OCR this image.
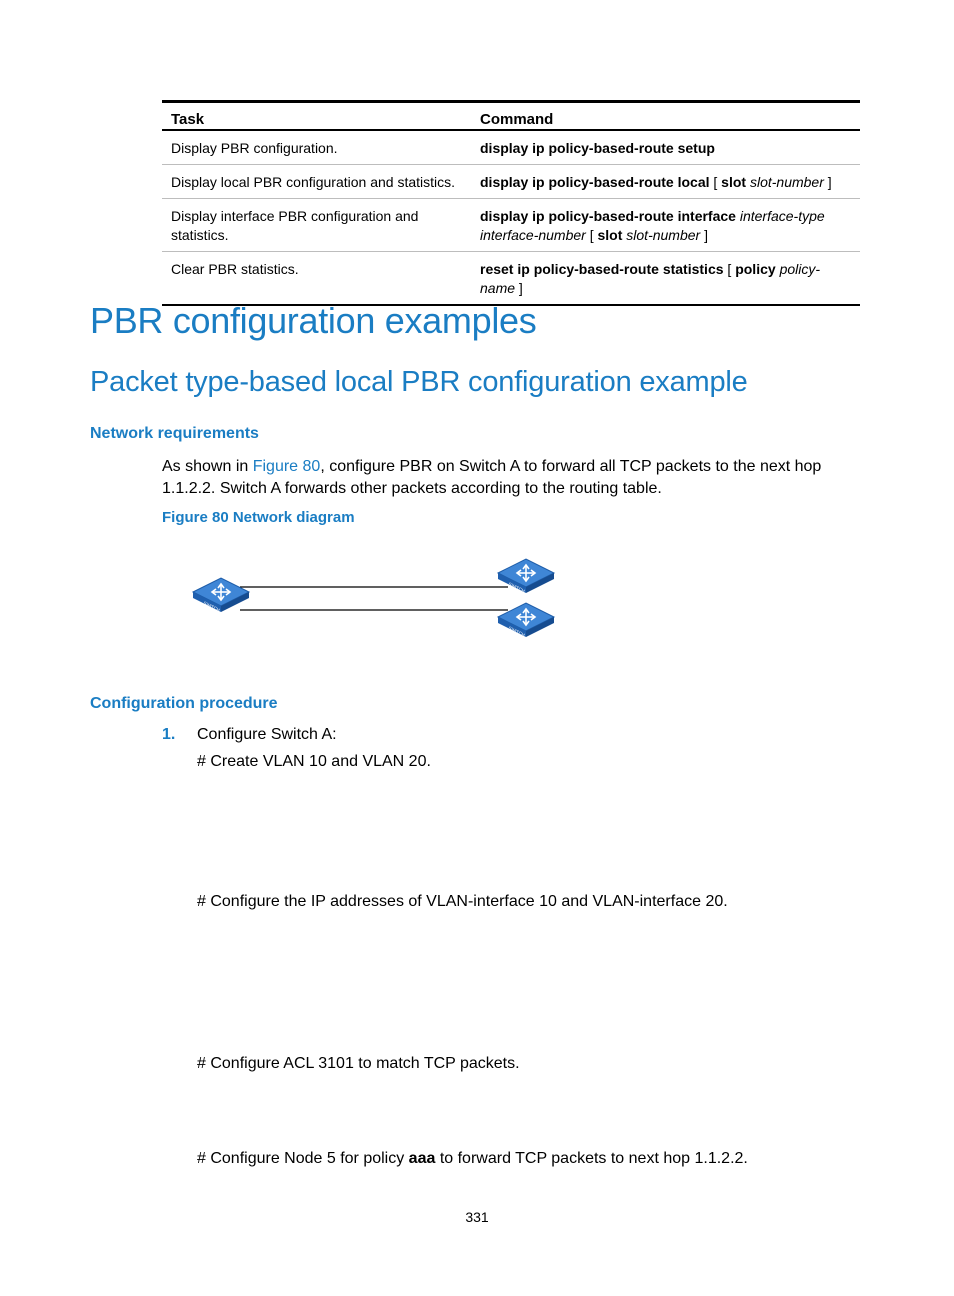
Task	Command
Display PBR configuration.	display ip policy-based-route setup
Display local PBR configuration and statistics.	display ip policy-based-route local [ slot slot-number ]
Display interface PBR configuration and statistics.	display ip policy-based-route interface interface-type interface-number [ slot slot-number ]
Clear PBR statistics.	reset ip policy-based-route statistics [ policy policy-name ]
PBR configuration examples
Packet type-based local PBR configuration example
Network requirements

As shown in Figure 80, configure PBR on Switch A to forward all TCP packets to the next hop 1.1.2.2. Switch A forwards other packets according to the routing table.

Figure 80 Network diagram

SWITCH
SWITCH
SWITCH
Configuration procedure

1. Configure Switch A:

# Create VLAN 10 and VLAN 20.

# Configure the IP addresses of VLAN-interface 10 and VLAN-interface 20.

# Configure ACL 3101 to match TCP packets.

# Configure Node 5 for policy aaa to forward TCP packets to next hop 1.1.2.2.

331
